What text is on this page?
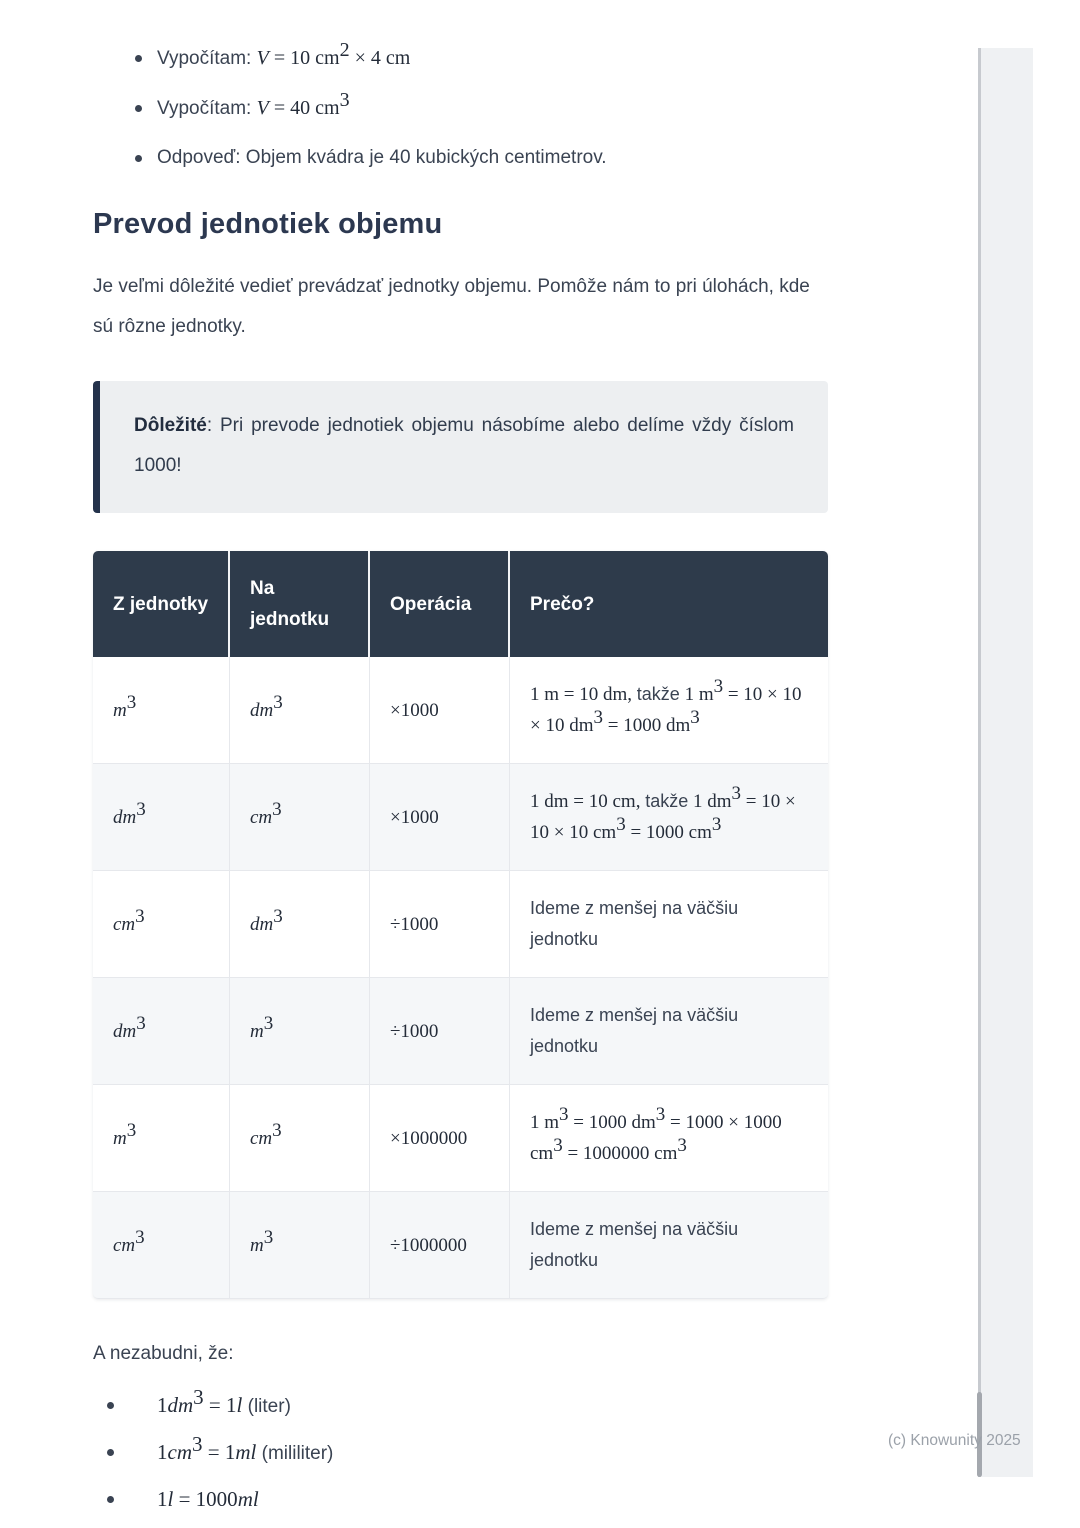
Vypočítam: V = 10 $cm^2 \times 4$ cm
Vypočítam: V = 40 $cm^3$
Odpoveď: Objem kvádra je 40 kubických centimetrov.
Prevod jednotiek objemu

Je veľmi dôležité vedieť prevádzať jednotky objemu. Pomôže nám to pri úlohách, kde sú rôzne jednotky.

Dôležité: Pri prevode jednotiek objemu násobíme alebo delíme vždy číslom 1000!

Z jednotky	Na jednotku	Operácia	Prečo?
$m^3$	$dm^3$	×1000	1 m = 10 dm, takže 1 $m^3 = 10 \times 10 \times 10$ $dm^3 = 1000$ $dm^3$
$dm^3$	$cm^3$	×1000	1 dm = 10 cm, takže 1 $dm^3 = 10 \times 10 \times 10$ $cm^3 = 1000$ $cm^3$
$cm^3$	$dm^3$	÷1000	Ideme z menšej na väčšiu jednotku
$dm^3$	$m^3$	÷1000	Ideme z menšej na väčšiu jednotku
$m^3$	$cm^3$	×1000000	1 $m^3 = 1000$ $dm^3 = 1000 \times 1000$ $cm^3 = 1000000$ $cm^3$
$cm^3$	$m^3$	÷1000000	Ideme z menšej na väčšiu jednotku

A nezabudni, že:

$1dm^3 = 1l$ (liter)
$1cm^3 = 1ml$ (mililiter)
1l = 1000ml
(c) Knowunity 2025
